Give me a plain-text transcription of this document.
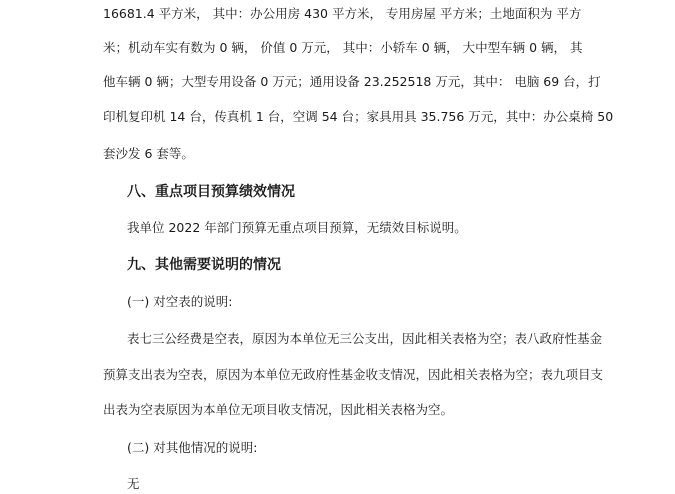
16681.4 平方米， 其中：办公用房 430 平方米， 专用房屋 平方米；土地面积为 平方
米；机动车实有数为 0 辆， 价值 0 万元， 其中：小轿车 0 辆， 大中型车辆 0 辆， 其
他车辆 0 辆；大型专用设备 0 万元；通用设备 23.252518 万元，其中： 电脑 69 台，打
印机复印机 14 台，传真机 1 台，空调 54 台；家具用具 35.756 万元，其中：办公桌椅 50
套沙发 6 套等。
八、重点项目预算绩效情况
我单位 2022 年部门预算无重点项目预算，无绩效目标说明。
九、其他需要说明的情况
(一) 对空表的说明:
表七三公经费是空表，原因为本单位无三公支出，因此相关表格为空；表八政府性基金
预算支出表为空表，原因为本单位无政府性基金收支情况，因此相关表格为空；表九项目支
出表为空表原因为本单位无项目收支情况，因此相关表格为空。
(二) 对其他情况的说明:
无
